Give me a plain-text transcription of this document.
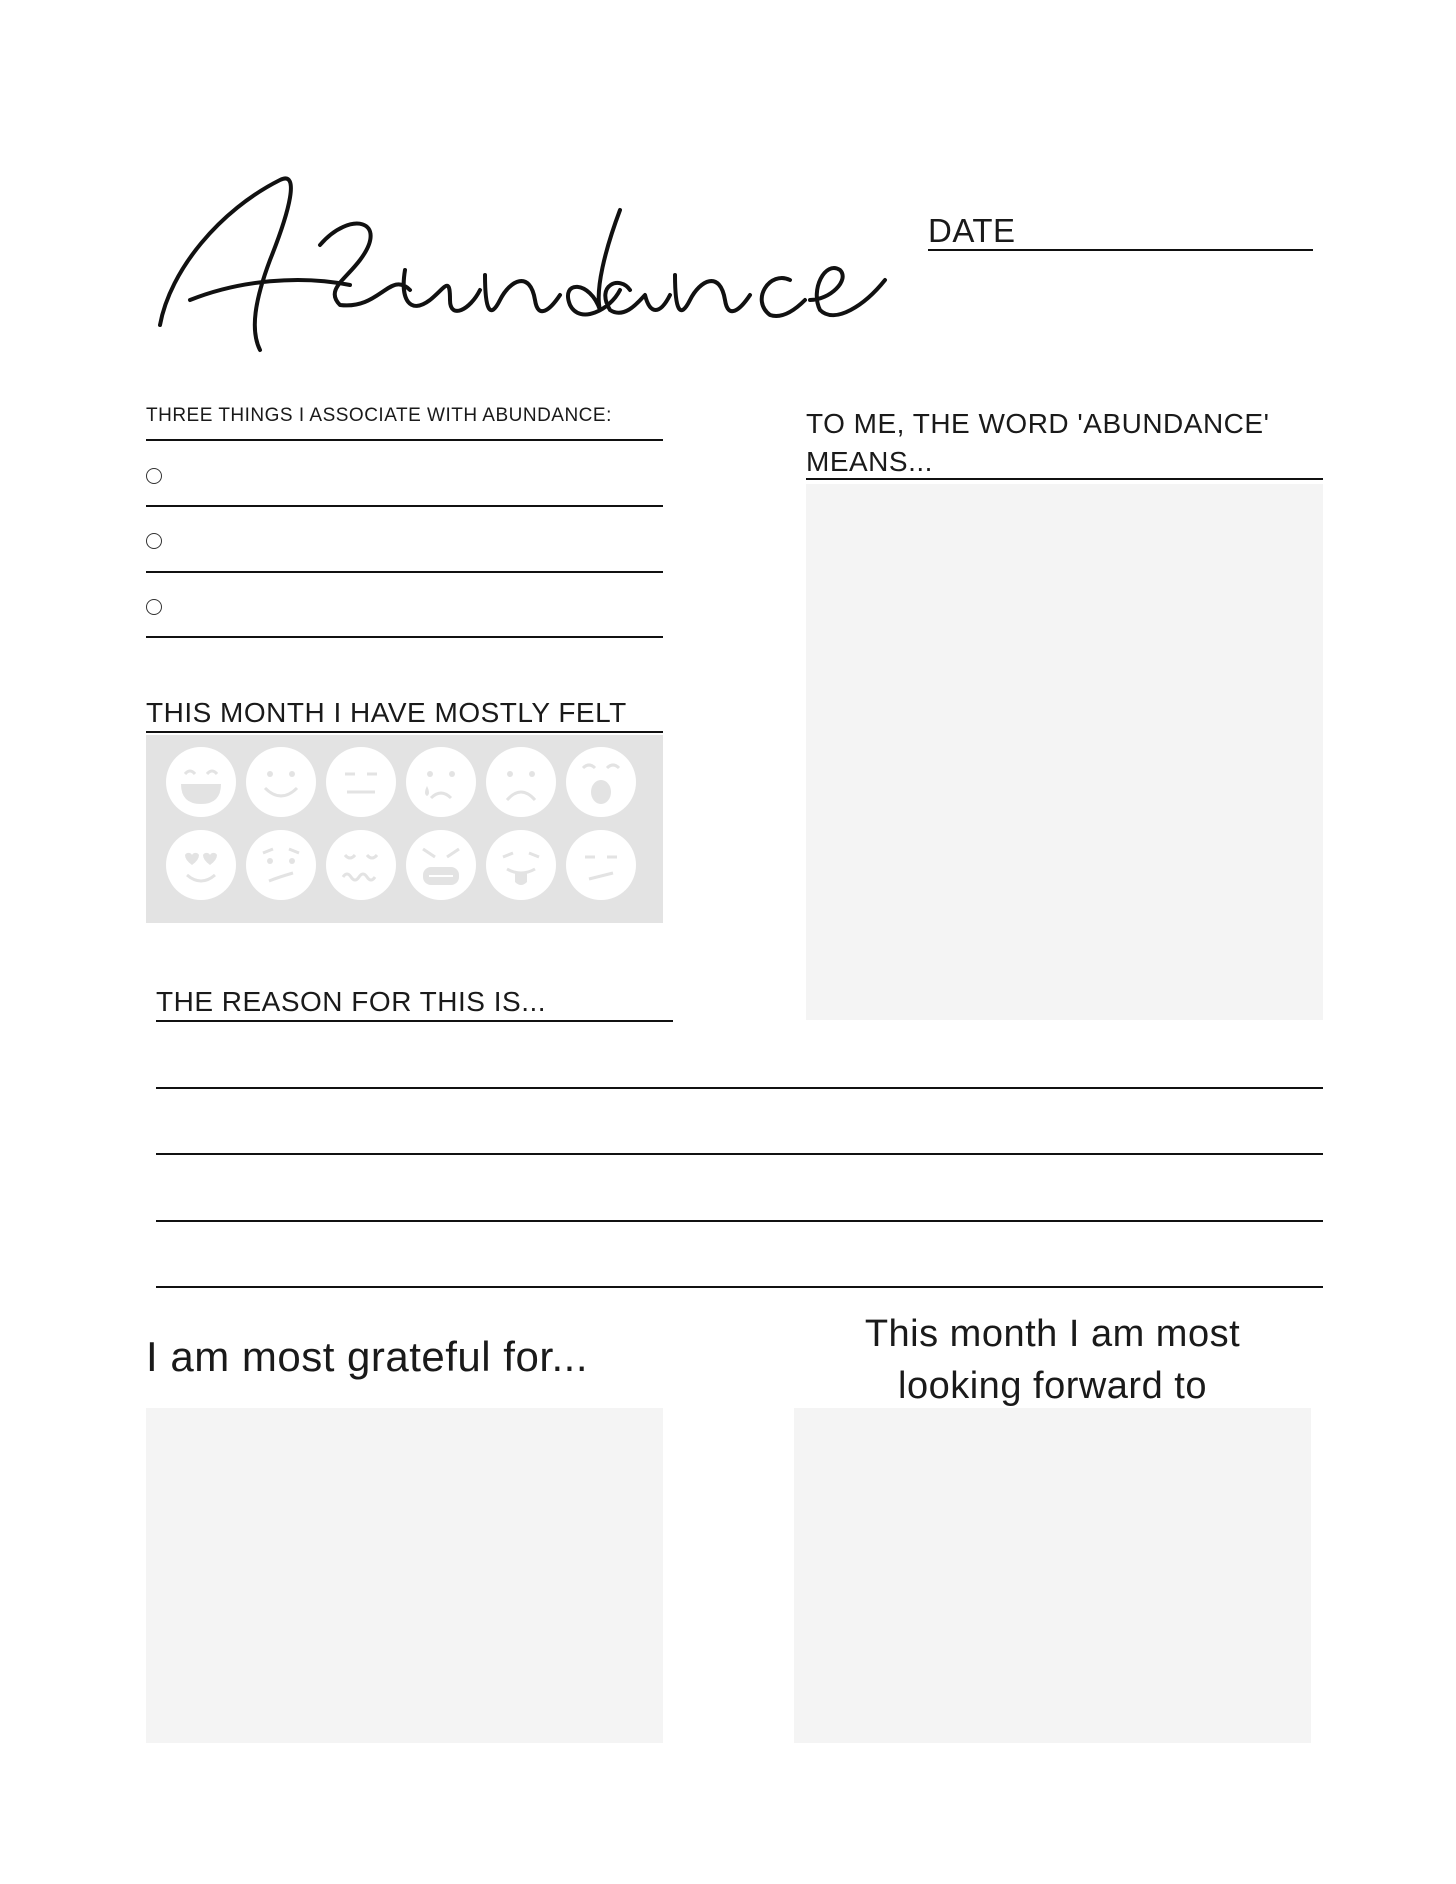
DATE
THREE THINGS I ASSOCIATE WITH ABUNDANCE:	TO ME, THE WORD 'ABUNDANCE'
MEANS...
THIS MONTH I HAVE MOSTLY FELT
THE REASON FOR THIS IS...
I am most grateful for...	This month I am most
looking forward to
